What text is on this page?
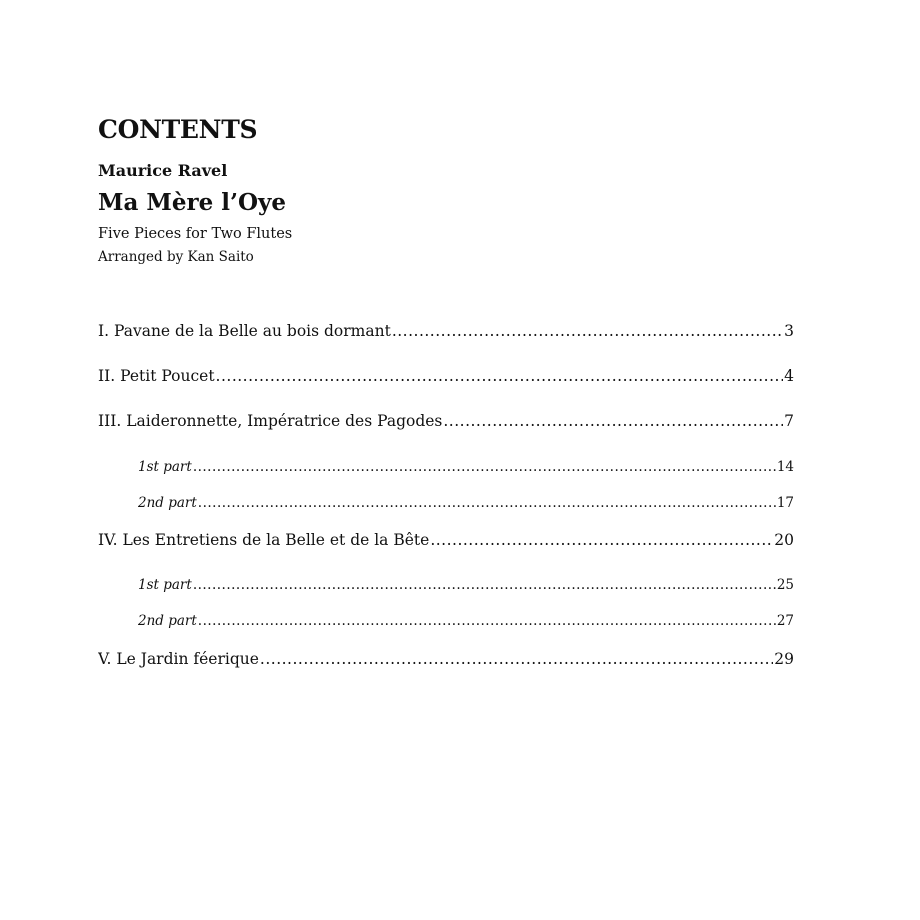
CONTENTS
Maurice Ravel
Ma Mère l’Oye
Five Pieces for Two Flutes
Arranged by Kan Saito
I. Pavane de la Belle au bois dormant .....	3
II. Petit Poucet .....	4
III. Laideronnette, Impératrice des Pagodes .....	7
1st part .....	14
2nd part .....	17
IV. Les Entretiens de la Belle et de la Bête .....	20
1st part .....	25
2nd part .....	27
V. Le Jardin féerique .....	29
